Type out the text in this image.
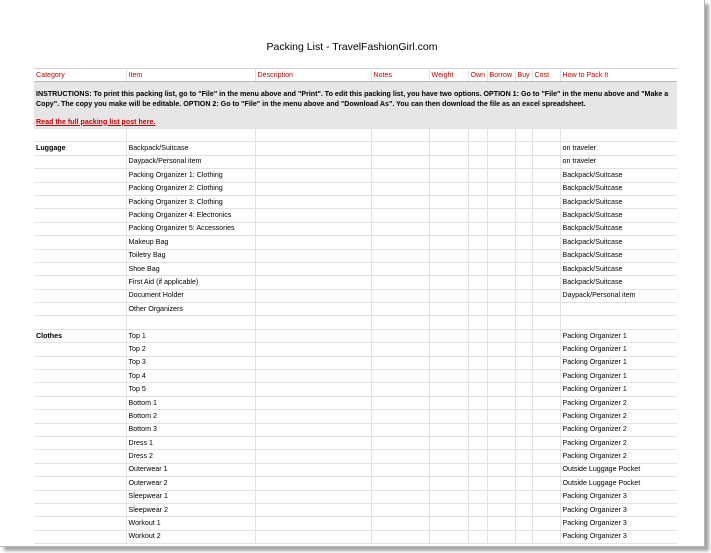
Packing List - TravelFashionGirl.com
Category	Item	Description	Notes	Weight	Own	Borrow	Buy	Cost	How to Pack It
INSTRUCTIONS: To print this packing list, go to "File" in the menu above and "Print". To edit this packing list, you have two options. OPTION 1: Go to "File" in the menu above and "Make a Copy". The copy you make will be editable. OPTION 2: Go to "File" in the menu above and "Download As". You can then download the file as an excel spreadsheet.									
Read the full packing list post here.									

Luggage	Backpack/Suitcase								on traveler
	Daypack/Personal item								on traveler
	Packing Organizer 1: Clothing								Backpack/Suitcase
	Packing Organizer 2: Clothing								Backpack/Suitcase
	Packing Organizer 3: Clothing								Backpack/Suitcase
	Packing Organizer 4: Electronics								Backpack/Suitcase
	Packing Organizer 5: Accessories								Backpack/Suitcase
	Makeup Bag								Backpack/Suitcase
	Toiletry Bag								Backpack/Suitcase
	Shoe Bag								Backpack/Suitcase
	First Aid (if applicable)								Backpack/Suitcase
	Document Holder								Daypack/Personal item
	Other Organizers								

Clothes	Top 1								Packing Organizer 1
	Top 2								Packing Organizer 1
	Top 3								Packing Organizer 1
	Top 4								Packing Organizer 1
	Top 5								Packing Organizer 1
	Bottom 1								Packing Organizer 2
	Bottom 2								Packing Organizer 2
	Bottom 3								Packing Organizer 2
	Dress 1								Packing Organizer 2
	Dress 2								Packing Organizer 2
	Outerwear 1								Outside Luggage Pocket
	Outerwear 2								Outside Luggage Pocket
	Sleepwear 1								Packing Organizer 3
	Sleepwear 2								Packing Organizer 3
	Workout 1								Packing Organizer 3
	Workout 2								Packing Organizer 3
